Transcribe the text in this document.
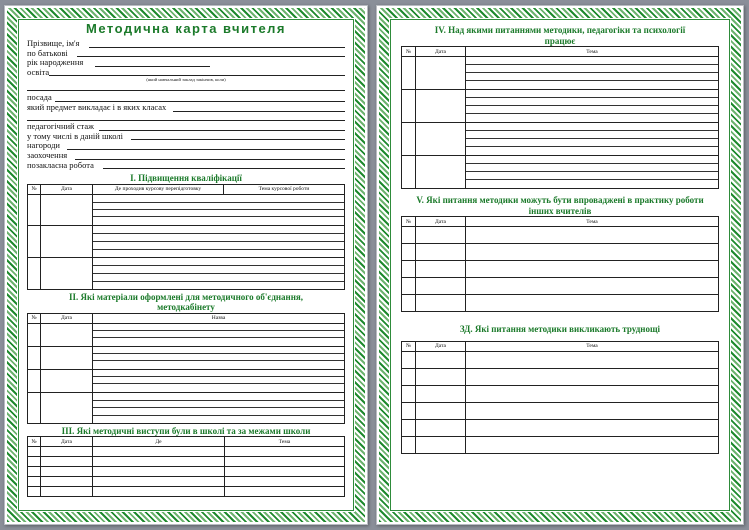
Методична карта вчителя
Прізвище, ім'я
по батькові
рік народження
освіта
(який навчальний заклад закінчив, коли)
посада
який предмет викладає і в яких класах
педагогічний стаж
у тому числі в даній школі
нагороди
заохочення
позакласна робота
I. Підвищення кваліфікації
№	Дата	Де проходив курсову перепідготовку	Тема курсової роботи

II. Які матеріали оформлені для методичного об'єднання, методкабінету
№	Дата	Назва

III. Які методичні виступи були в школі та за межами школи
№	Дата	Де	Тема

IV. Над якими питаннями методики, педагогіки та психології працює
№	Дата	Тема

V. Які питання методики можуть бути впроваджені в практику роботи інших вчителів
№	Дата	Тема

ЗД. Які питання методики викликають труднощі
№	Дата	Тема
